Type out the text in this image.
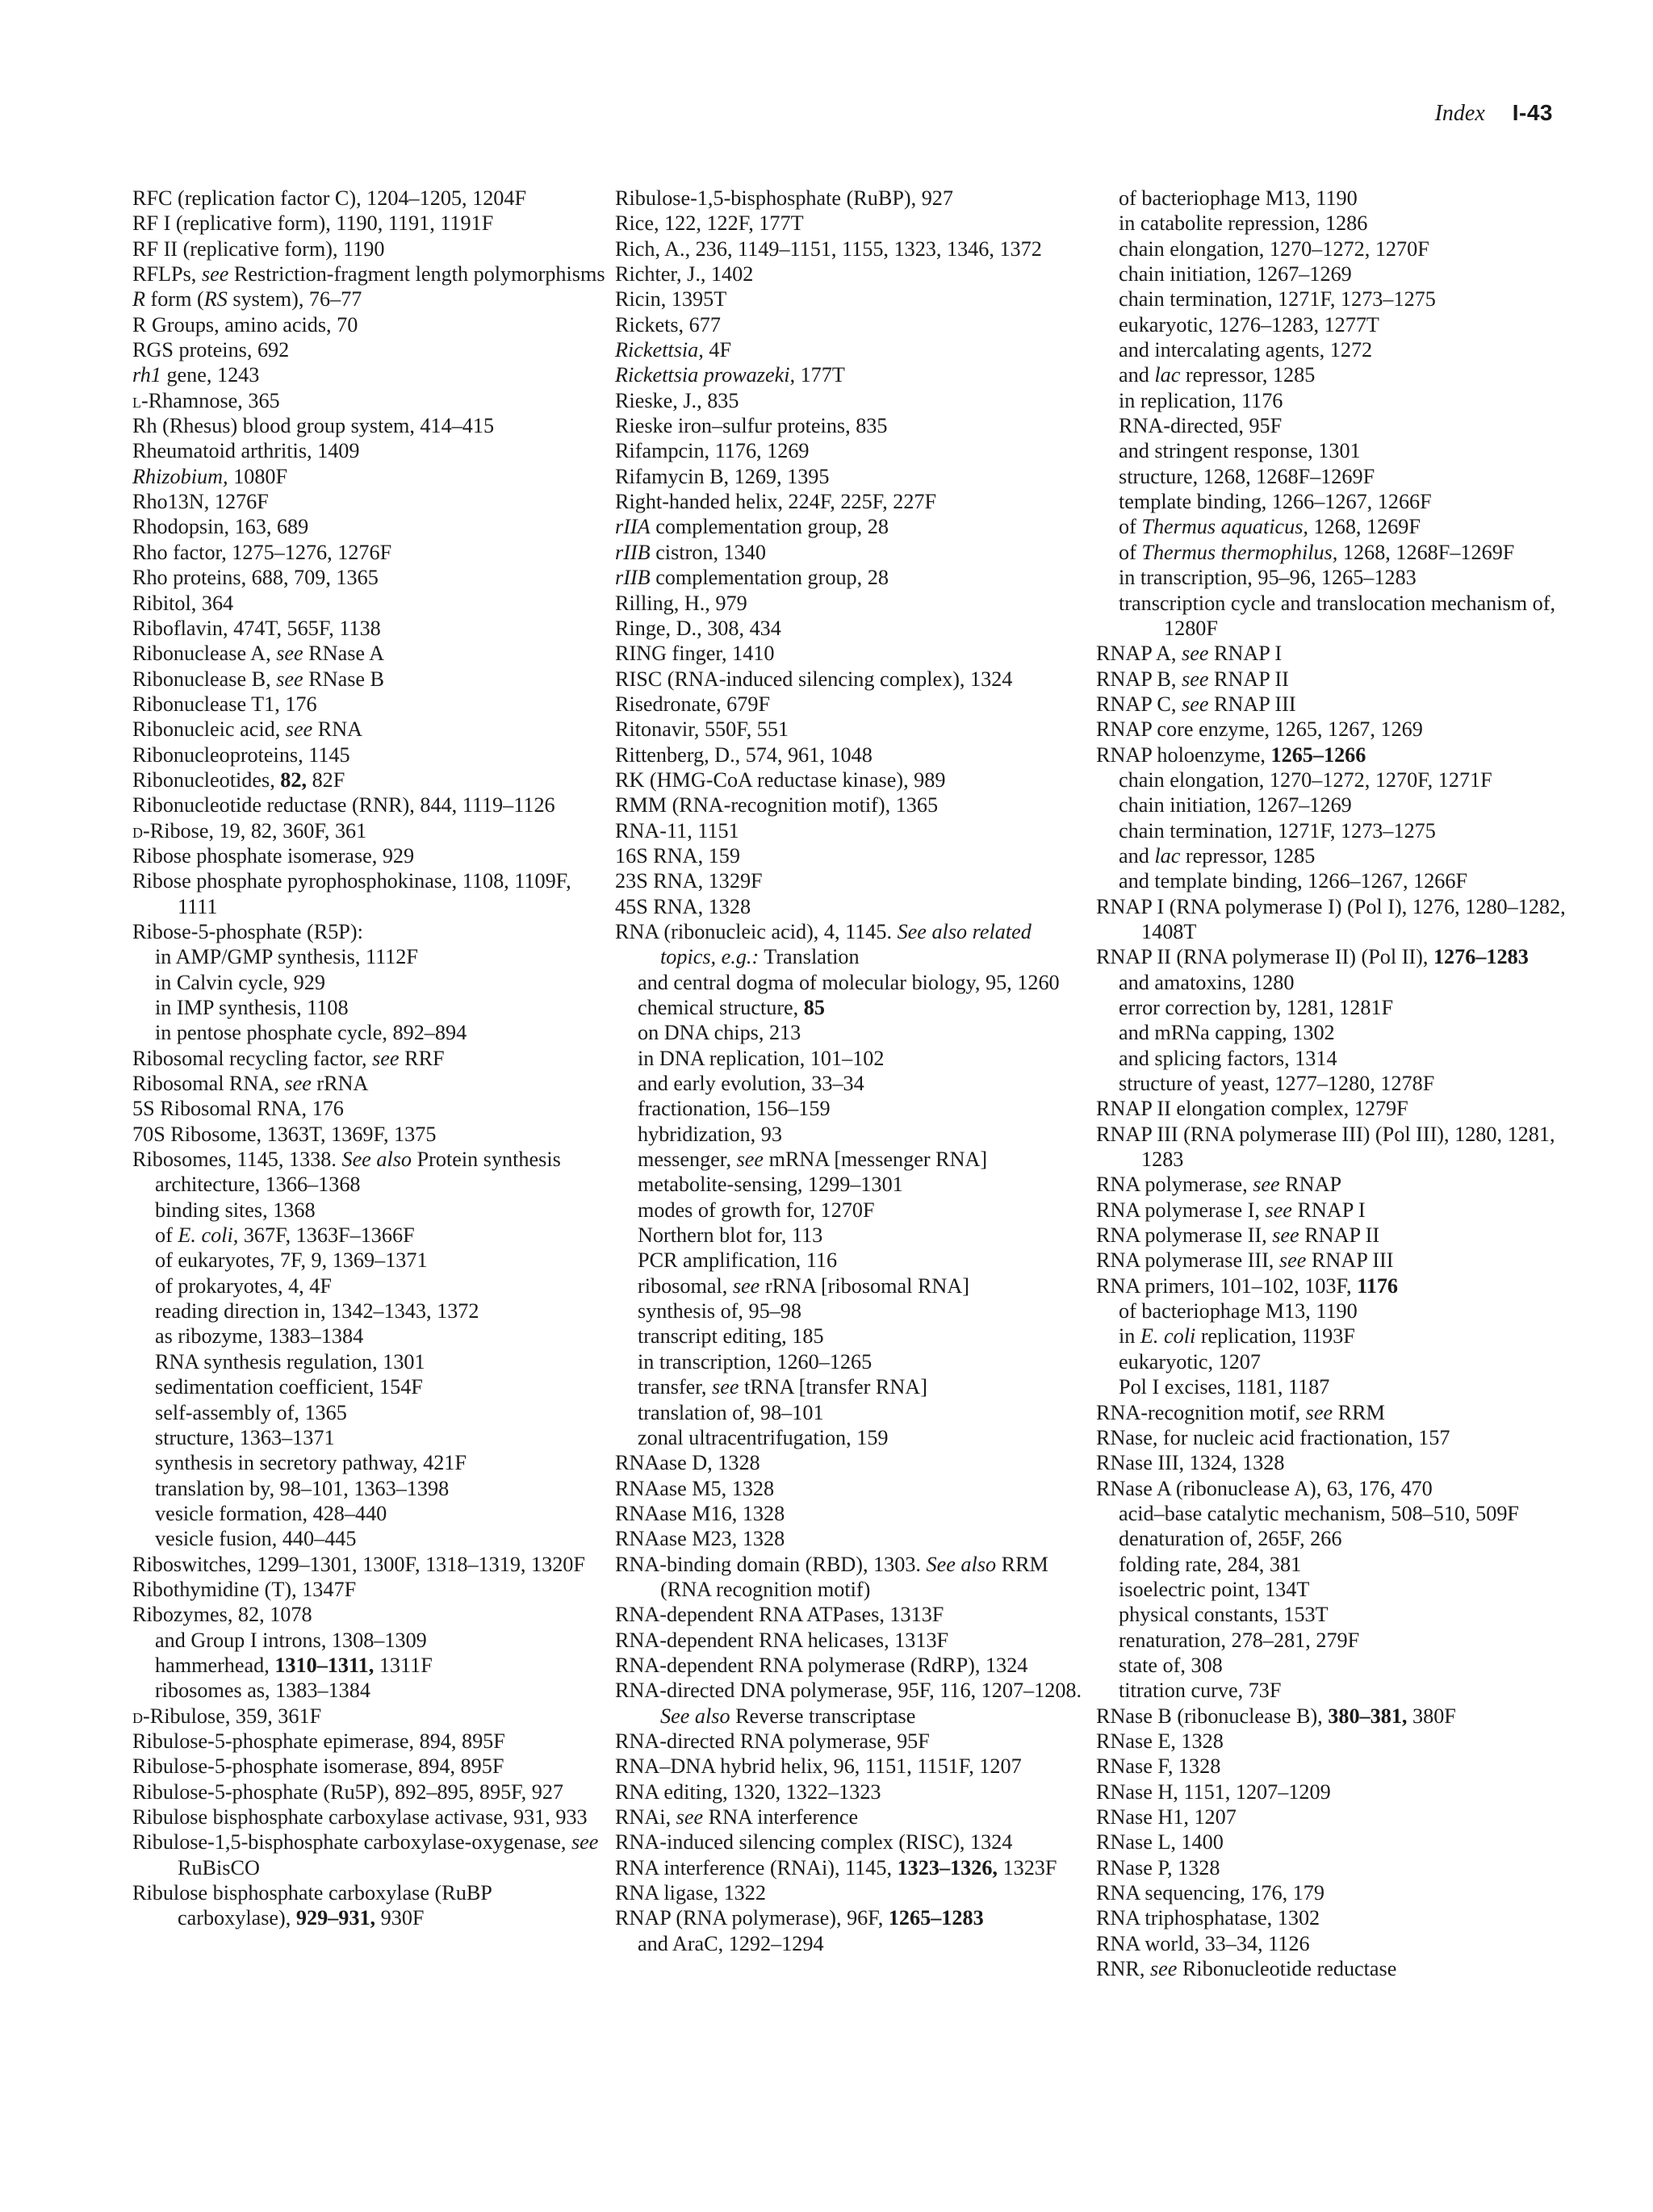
Index I-43
RFC (replication factor C), 1204–1205, 1204F
RF I (replicative form), 1190, 1191, 1191F
RF II (replicative form), 1190
RFLPs, see Restriction-fragment length polymorphisms
R form (RS system), 76–77
R Groups, amino acids, 70
RGS proteins, 692
rh1 gene, 1243
l-Rhamnose, 365
Rh (Rhesus) blood group system, 414–415
Rheumatoid arthritis, 1409
Rhizobium, 1080F
Rho13N, 1276F
Rhodopsin, 163, 689
Rho factor, 1275–1276, 1276F
Rho proteins, 688, 709, 1365
Ribitol, 364
Riboflavin, 474T, 565F, 1138
Ribonuclease A, see RNase A
Ribonuclease B, see RNase B
Ribonuclease T1, 176
Ribonucleic acid, see RNA
Ribonucleoproteins, 1145
Ribonucleotides, 82, 82F
Ribonucleotide reductase (RNR), 844, 1119–1126
d-Ribose, 19, 82, 360F, 361
Ribose phosphate isomerase, 929
Ribose phosphate pyrophosphokinase, 1108, 1109F, 1111
Ribose-5-phosphate (R5P):
in AMP/GMP synthesis, 1112F
in Calvin cycle, 929
in IMP synthesis, 1108
in pentose phosphate cycle, 892–894
Ribosomal recycling factor, see RRF
Ribosomal RNA, see rRNA
5S Ribosomal RNA, 176
70S Ribosome, 1363T, 1369F, 1375
Ribosomes, 1145, 1338. See also Protein synthesis
architecture, 1366–1368
binding sites, 1368
of E. coli, 367F, 1363F–1366F
of eukaryotes, 7F, 9, 1369–1371
of prokaryotes, 4, 4F
reading direction in, 1342–1343, 1372
as ribozyme, 1383–1384
RNA synthesis regulation, 1301
sedimentation coefficient, 154F
self-assembly of, 1365
structure, 1363–1371
synthesis in secretory pathway, 421F
translation by, 98–101, 1363–1398
vesicle formation, 428–440
vesicle fusion, 440–445
Riboswitches, 1299–1301, 1300F, 1318–1319, 1320F
Ribothymidine (T), 1347F
Ribozymes, 82, 1078
and Group I introns, 1308–1309
hammerhead, 1310–1311, 1311F
ribosomes as, 1383–1384
d-Ribulose, 359, 361F
Ribulose-5-phosphate epimerase, 894, 895F
Ribulose-5-phosphate isomerase, 894, 895F
Ribulose-5-phosphate (Ru5P), 892–895, 895F, 927
Ribulose bisphosphate carboxylase activase, 931, 933
Ribulose-1,5-bisphosphate carboxylase-oxygenase, see RuBisCO
Ribulose bisphosphate carboxylase (RuBP carboxylase), 929–931, 930F
Ribulose-1,5-bisphosphate (RuBP), 927
Rice, 122, 122F, 177T
Rich, A., 236, 1149–1151, 1155, 1323, 1346, 1372
Richter, J., 1402
Ricin, 1395T
Rickets, 677
Rickettsia, 4F
Rickettsia prowazeki, 177T
Rieske, J., 835
Rieske iron–sulfur proteins, 835
Rifampcin, 1176, 1269
Rifamycin B, 1269, 1395
Right-handed helix, 224F, 225F, 227F
rIIA complementation group, 28
rIIB cistron, 1340
rIIB complementation group, 28
Rilling, H., 979
Ringe, D., 308, 434
RING finger, 1410
RISC (RNA-induced silencing complex), 1324
Risedronate, 679F
Ritonavir, 550F, 551
Rittenberg, D., 574, 961, 1048
RK (HMG-CoA reductase kinase), 989
RMM (RNA-recognition motif), 1365
RNA-11, 1151
16S RNA, 159
23S RNA, 1329F
45S RNA, 1328
RNA (ribonucleic acid), 4, 1145. See also related topics, e.g.: Translation
and central dogma of molecular biology, 95, 1260
chemical structure, 85
on DNA chips, 213
in DNA replication, 101–102
and early evolution, 33–34
fractionation, 156–159
hybridization, 93
messenger, see mRNA [messenger RNA]
metabolite-sensing, 1299–1301
modes of growth for, 1270F
Northern blot for, 113
PCR amplification, 116
ribosomal, see rRNA [ribosomal RNA]
synthesis of, 95–98
transcript editing, 185
in transcription, 1260–1265
transfer, see tRNA [transfer RNA]
translation of, 98–101
zonal ultracentrifugation, 159
RNAase D, 1328
RNAase M5, 1328
RNAase M16, 1328
RNAase M23, 1328
RNA-binding domain (RBD), 1303. See also RRM (RNA recognition motif)
RNA-dependent RNA ATPases, 1313F
RNA-dependent RNA helicases, 1313F
RNA-dependent RNA polymerase (RdRP), 1324
RNA-directed DNA polymerase, 95F, 116, 1207–1208. See also Reverse transcriptase
RNA-directed RNA polymerase, 95F
RNA–DNA hybrid helix, 96, 1151, 1151F, 1207
RNA editing, 1320, 1322–1323
RNAi, see RNA interference
RNA-induced silencing complex (RISC), 1324
RNA interference (RNAi), 1145, 1323–1326, 1323F
RNA ligase, 1322
RNAP (RNA polymerase), 96F, 1265–1283
and AraC, 1292–1294
of bacteriophage M13, 1190
in catabolite repression, 1286
chain elongation, 1270–1272, 1270F
chain initiation, 1267–1269
chain termination, 1271F, 1273–1275
eukaryotic, 1276–1283, 1277T
and intercalating agents, 1272
and lac repressor, 1285
in replication, 1176
RNA-directed, 95F
and stringent response, 1301
structure, 1268, 1268F–1269F
template binding, 1266–1267, 1266F
of Thermus aquaticus, 1268, 1269F
of Thermus thermophilus, 1268, 1268F–1269F
in transcription, 95–96, 1265–1283
transcription cycle and translocation mechanism of, 1280F
RNAP A, see RNAP I
RNAP B, see RNAP II
RNAP C, see RNAP III
RNAP core enzyme, 1265, 1267, 1269
RNAP holoenzyme, 1265–1266
chain elongation, 1270–1272, 1270F, 1271F
chain initiation, 1267–1269
chain termination, 1271F, 1273–1275
and lac repressor, 1285
and template binding, 1266–1267, 1266F
RNAP I (RNA polymerase I) (Pol I), 1276, 1280–1282, 1408T
RNAP II (RNA polymerase II) (Pol II), 1276–1283
and amatoxins, 1280
error correction by, 1281, 1281F
and mRNa capping, 1302
and splicing factors, 1314
structure of yeast, 1277–1280, 1278F
RNAP II elongation complex, 1279F
RNAP III (RNA polymerase III) (Pol III), 1280, 1281, 1283
RNA polymerase, see RNAP
RNA polymerase I, see RNAP I
RNA polymerase II, see RNAP II
RNA polymerase III, see RNAP III
RNA primers, 101–102, 103F, 1176
of bacteriophage M13, 1190
in E. coli replication, 1193F
eukaryotic, 1207
Pol I excises, 1181, 1187
RNA-recognition motif, see RRM
RNase, for nucleic acid fractionation, 157
RNase III, 1324, 1328
RNase A (ribonuclease A), 63, 176, 470
acid–base catalytic mechanism, 508–510, 509F
denaturation of, 265F, 266
folding rate, 284, 381
isoelectric point, 134T
physical constants, 153T
renaturation, 278–281, 279F
state of, 308
titration curve, 73F
RNase B (ribonuclease B), 380–381, 380F
RNase E, 1328
RNase F, 1328
RNase H, 1151, 1207–1209
RNase H1, 1207
RNase L, 1400
RNase P, 1328
RNA sequencing, 176, 179
RNA triphosphatase, 1302
RNA world, 33–34, 1126
RNR, see Ribonucleotide reductase
